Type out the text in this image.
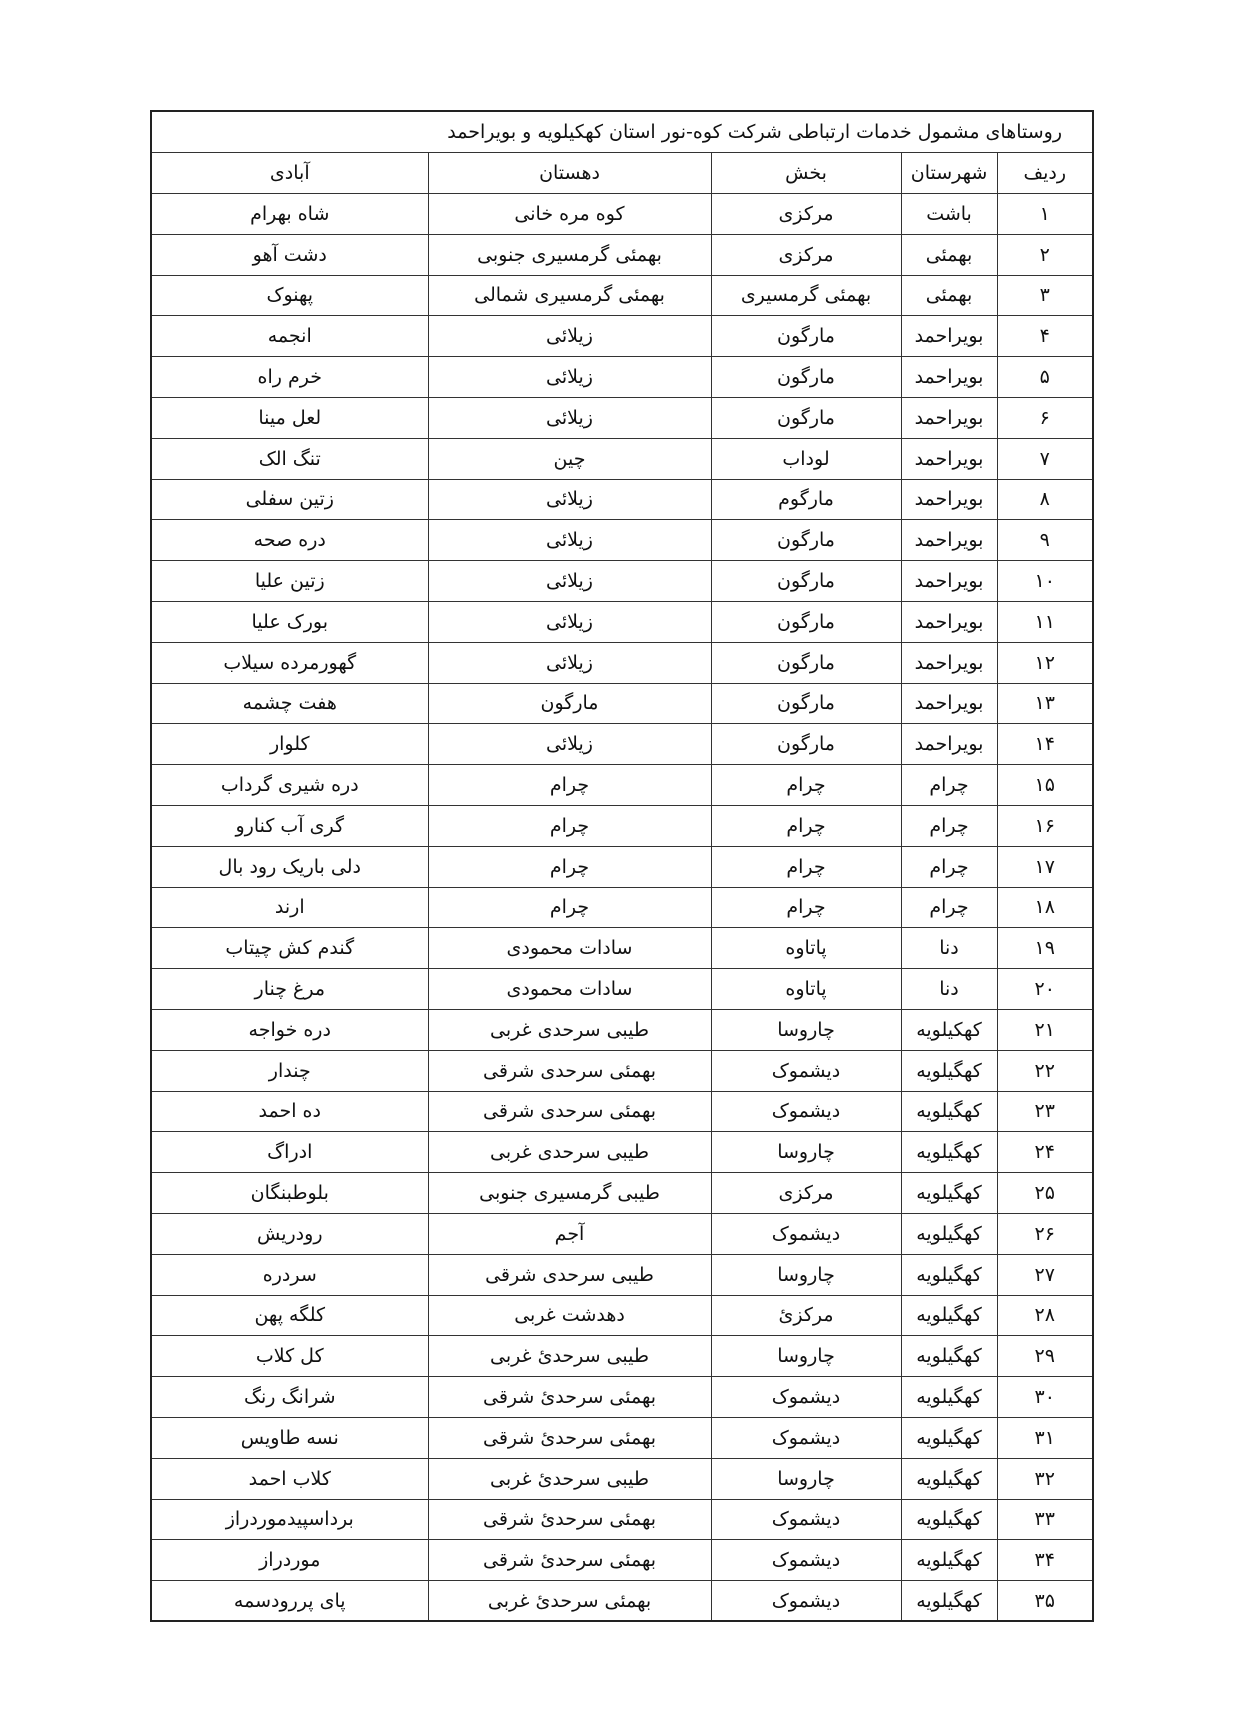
روستاهای مشمول خدمات ارتباطی شرکت کوه-نور استان کهکیلویه و بویراحمد				
ردیف	شهرستان	بخش	دهستان	آبادی
۱	باشت	مرکزی	کوه مره خانی	شاه بهرام
۲	بهمئی	مرکزی	بهمئی گرمسیری جنوبی	دشت آهو
۳	بهمئی	بهمئی گرمسیری	بهمئی گرمسیری شمالی	پهنوک
۴	بویراحمد	مارگون	زیلائی	انجمه
۵	بویراحمد	مارگون	زیلائی	خرم راه
۶	بویراحمد	مارگون	زیلائی	لعل مینا
۷	بویراحمد	لوداب	چین	تنگ الک
۸	بویراحمد	مارگوم	زیلائی	زتین سفلی
۹	بویراحمد	مارگون	زیلائی	دره صحه
۱۰	بویراحمد	مارگون	زیلائی	زتین علیا
۱۱	بویراحمد	مارگون	زیلائی	بورک علیا
۱۲	بویراحمد	مارگون	زیلائی	گهورمرده سیلاب
۱۳	بویراحمد	مارگون	مارگون	هفت چشمه
۱۴	بویراحمد	مارگون	زیلائی	کلوار
۱۵	چرام	چرام	چرام	دره شیری گرداب
۱۶	چرام	چرام	چرام	گری آب کنارو
۱۷	چرام	چرام	چرام	دلی باریک رود بال
۱۸	چرام	چرام	چرام	ارند
۱۹	دنا	پاتاوه	سادات محمودی	گندم کش چیتاب
۲۰	دنا	پاتاوه	سادات محمودی	مرغ چنار
۲۱	کهکیلویه	چاروسا	طیبی سرحدی غربی	دره خواجه
۲۲	کهگیلویه	دیشموک	بهمئی سرحدی شرقی	چندار
۲۳	کهگیلویه	دیشموک	بهمئی سرحدی شرقی	ده احمد
۲۴	کهگیلویه	چاروسا	طیبی سرحدی غربی	ادراگ
۲۵	کهگیلویه	مرکزی	طیبی گرمسیری جنوبی	بلوطبنگان
۲۶	کهگیلویه	دیشموک	آجم	رودریش
۲۷	کهگیلویه	چاروسا	طیبی سرحدی شرقی	سردره
۲۸	کهگیلویه	مرکزئ	دهدشت غربی	کلگه پهن
۲۹	کهگیلویه	چاروسا	طیبی سرحدئ غربی	کل کلاب
۳۰	کهگیلویه	دیشموک	بهمئی سرحدئ شرقی	شرانگ رنگ
۳۱	کهگیلویه	دیشموک	بهمئی سرحدئ شرقی	نسه طاویس
۳۲	کهگیلویه	چاروسا	طیبی سرحدئ غربی	کلاب احمد
۳۳	کهگیلویه	دیشموک	بهمئی سرحدئ شرقی	برداسپیدموردراز
۳۴	کهگیلویه	دیشموک	بهمئی سرحدئ شرقی	موردراز
۳۵	کهگیلویه	دیشموک	بهمئی سرحدئ غربی	پای پررودسمه
